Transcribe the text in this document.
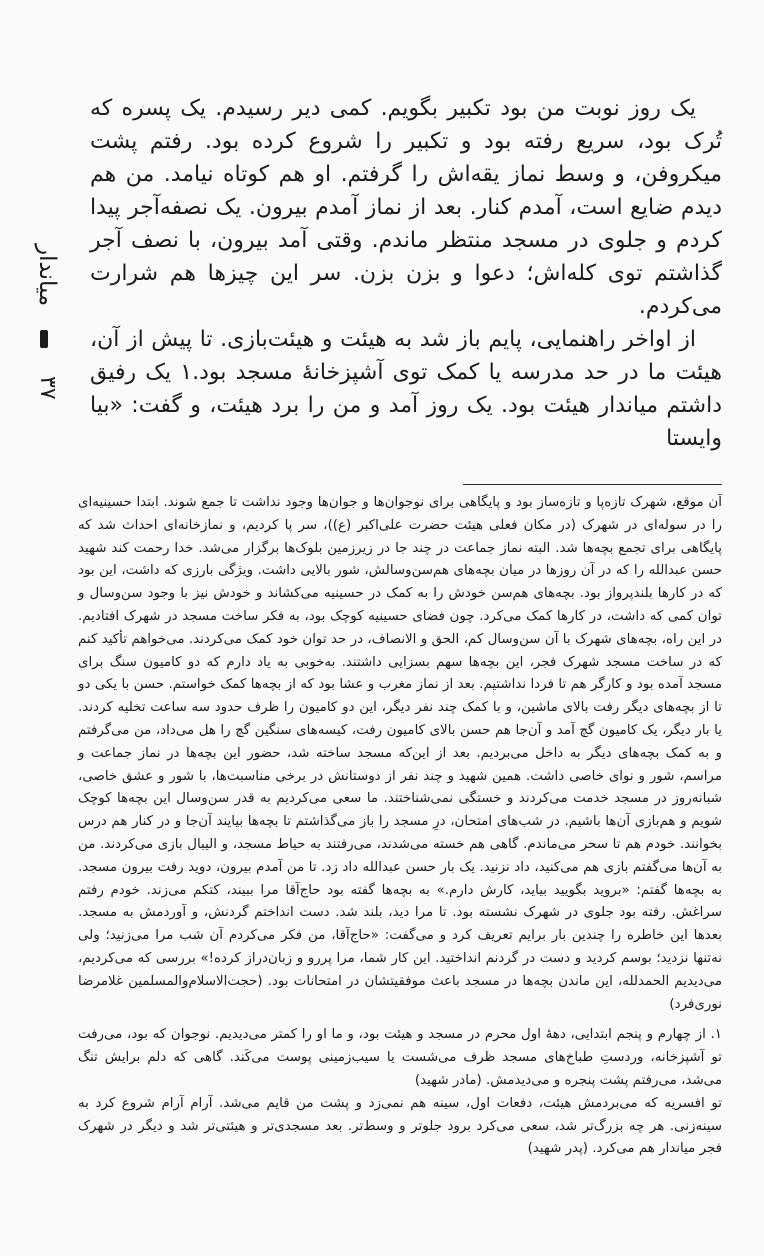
میاندار
۳۷

یک روز نوبت من بود تکبیر بگویم. کمی دیر رسیدم. یک پسره که تُرک بود، سریع رفته بود و تکبیر را شروع کرده بود. رفتم پشت میکروفن، و وسط نماز یقه‌اش را گرفتم. او هم کوتاه نیامد. من هم دیدم ضایع است، آمدم کنار. بعد از نماز آمدم بیرون. یک نصفه‌آجر پیدا کردم و جلوی در مسجد منتظر ماندم. وقتی آمد بیرون، با نصف آجر گذاشتم توی کله‌اش؛ دعوا و بزن بزن. سر این چیزها هم شرارت می‌کردم.

از اواخر راهنمایی، پایم باز شد به هیئت و هیئت‌بازی. تا پیش از آن، هیئت ما در حد مدرسه یا کمک توی آشپزخانهٔ مسجد بود.۱ یک رفیق داشتم میاندار هیئت بود. یک روز آمد و من را برد هیئت، و گفت: «بیا وایستا

آن موقع، شهرک تازه‌پا و تازه‌ساز بود و پایگاهی برای نوجوان‌ها و جوان‌ها وجود نداشت تا جمع شوند. ابتدا حسینیه‌ای را در سوله‌ای در شهرک (در مکان فعلی هیئت حضرت علی‌اکبر (ع))، سر پا کردیم، و نمازخانه‌ای احداث شد که پایگاهی برای تجمع بچه‌ها شد. البته نماز جماعت در چند جا در زیرزمین بلوک‌ها برگزار می‌شد. خدا رحمت کند شهید حسن عبدالله را که در آن روزها در میان بچه‌های هم‌سن‌وسالش، شور بالایی داشت. ویژگی بارزی که داشت، این بود که در کارها بلندپرواز بود. بچه‌های هم‌سن خودش را به کمک در حسینیه می‌کشاند و خودش نیز با وجود سن‌وسال و توان کمی که داشت، در کارها کمک می‌کرد. چون فضای حسینیه کوچک بود، به فکر ساخت مسجد در شهرک افتادیم. در این راه، بچه‌های شهرک با آن سن‌وسال کم، الحق و الانصاف، در حد توان خود کمک می‌کردند. می‌خواهم تأکید کنم که در ساخت مسجد شهرک فجر، این بچه‌ها سهم بسزایی داشتند. به‌خوبی به یاد دارم که دو کامیون سنگ برای مسجد آمده بود و کارگر هم تا فردا نداشتیم. بعد از نماز مغرب و عشا بود که از بچه‌ها کمک خواستم. حسن با یکی دو تا از بچه‌های دیگر رفت بالای ماشین، و با کمک چند نفر دیگر، این دو کامیون را ظرف حدود سه ساعت تخلیه کردند. یا بار دیگر، یک کامیون گچ آمد و آن‌جا هم حسن بالای کامیون رفت، کیسه‌های سنگین گچ را هل می‌داد، من می‌گرفتم و به کمک بچه‌های دیگر به داخل می‌بردیم. بعد از این‌که مسجد ساخته شد، حضور این بچه‌ها در نماز جماعت و مراسم، شور و نوای خاصی داشت. همین شهید و چند نفر از دوستانش در برخی مناسبت‌ها، با شور و عشق خاصی، شبانه‌روز در مسجد خدمت می‌کردند و خستگی نمی‌شناختند. ما سعی می‌کردیم به قدر سن‌وسال این بچه‌ها کوچک شویم و هم‌بازی آن‌ها باشیم. در شب‌های امتحان، درِ مسجد را باز می‌گذاشتم تا بچه‌ها بیایند آن‌جا و در کنار هم درس بخوانند. خودم هم تا سحر می‌ماندم. گاهی هم خسته می‌شدند، می‌رفتند به حیاط مسجد، و الیبال بازی می‌کردند. من به آن‌ها می‌گفتم بازی هم می‌کنید، داد نزنید. یک بار حسن عبدالله داد زد. تا من آمدم بیرون، دوید رفت بیرون مسجد. به بچه‌ها گفتم: «بروید بگویید بیاید، کارش دارم.» به بچه‌ها گفته بود حاج‌آقا مرا ببیند، کتکم می‌زند. خودم رفتم سراغش. رفته بود جلوی در شهرک نشسته بود. تا مرا دید، بلند شد. دست انداختم گردنش، و آوردمش به مسجد. بعدها این خاطره را چندین بار برایم تعریف کرد و می‌گفت: «حاج‌آقا، من فکر می‌کردم آن شب مرا می‌زنید؛ ولی نه‌تنها نزدید؛ بوسم کردید و دست در گردنم انداختید. این کار شما، مرا پررو و زبان‌دراز کرده!» بررسی که می‌کردیم، می‌دیدیم الحمدلله، این ماندن بچه‌ها در مسجد باعث موفقیتشان در امتحانات بود. (حجت‌الاسلام‌والمسلمین غلامرضا نوری‌فرد)

۱. از چهارم و پنجم ابتدایی، دههٔ اول محرم در مسجد و هیئت بود، و ما او را کمتر می‌دیدیم. نوجوان که بود، می‌رفت تو آشپزخانه، وردستِ طباخ‌های مسجد ظرف می‌شست یا سیب‌زمینی پوست می‌کَند. گاهی که دلم برایش تنگ می‌شد، می‌رفتم پشت پنجره و می‌دیدمش. (مادر شهید)

تو افسریه که می‌بردمش هیئت، دفعات اول، سینه هم نمی‌زد و پشت من قایم می‌شد. آرام آرام شروع کرد به سینه‌زنی. هر چه بزرگ‌تر شد، سعی می‌کرد برود جلوتر و وسط‌تر. بعد مسجدی‌تر و هیئتی‌تر شد و دیگر در شهرک فجر میاندار هم می‌کرد. (پدر شهید)
